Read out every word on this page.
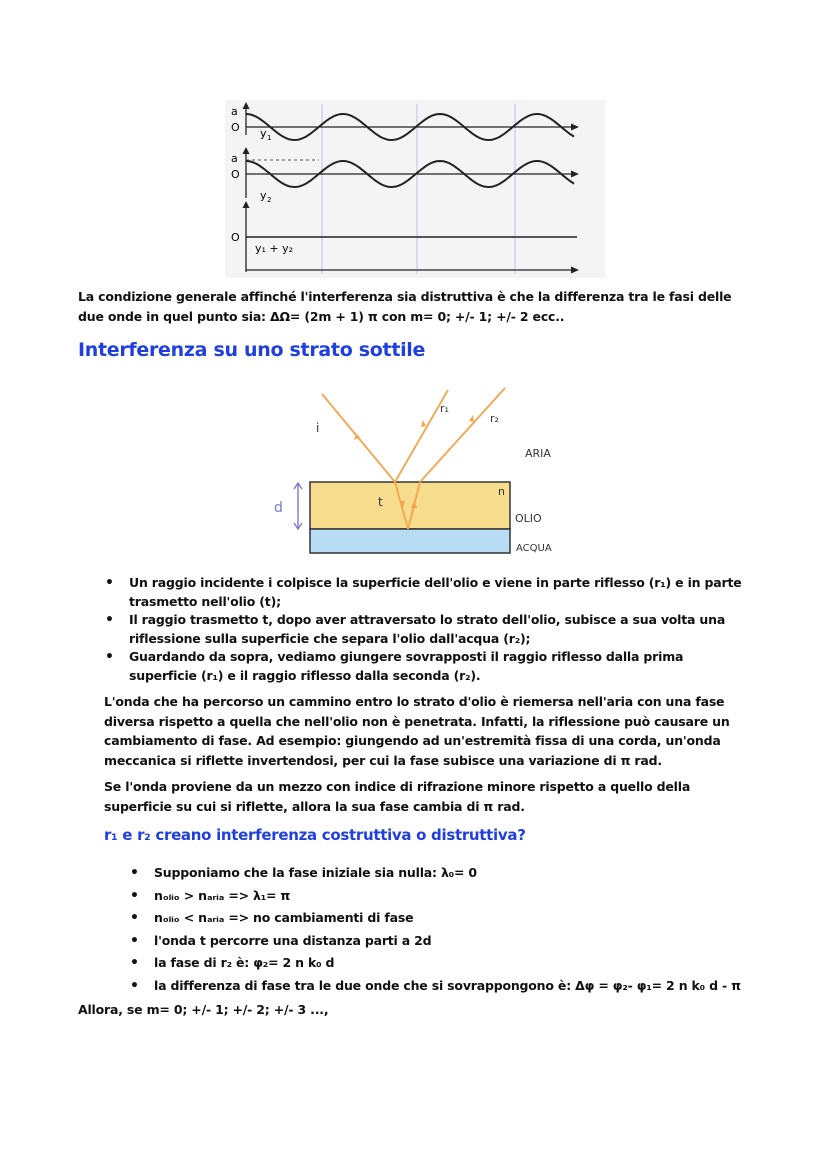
a
O y 1
a
O
y 2
O
y₁ + y₂

La condizione generale affinché l'interferenza sia distruttiva è che la differenza tra le fasi delle due onde in quel punto sia: ΔΩ= (2m + 1) π con m= 0; +/- 1; +/- 2 ecc..

Interferenza su uno strato sottile
i
r₁
r₂
ARIA
t
n
d
OLIO
ACQUA
• Un raggio incidente i colpisce la superficie dell'olio e viene in parte riflesso (r₁) e in parte trasmetto nell'olio (t);
• Il raggio trasmetto t, dopo aver attraversato lo strato dell'olio, subisce a sua volta una riflessione sulla superficie che separa l'olio dall'acqua (r₂);
• Guardando da sopra, vediamo giungere sovrapposti il raggio riflesso dalla prima superficie (r₁) e il raggio riflesso dalla seconda (r₂).

L'onda che ha percorso un cammino entro lo strato d'olio è riemersa nell'aria con una fase diversa rispetto a quella che nell'olio non è penetrata. Infatti, la riflessione può causare un cambiamento di fase. Ad esempio: giungendo ad un'estremità fissa di una corda, un'onda meccanica si riflette invertendosi, per cui la fase subisce una variazione di π rad.

Se l'onda proviene da un mezzo con indice di rifrazione minore rispetto a quello della superficie su cui si riflette, allora la sua fase cambia di π rad.

r₁ e r₂ creano interferenza costruttiva o distruttiva?
• Supponiamo che la fase iniziale sia nulla: λ₀= 0
• nₒₗᵢₒ > nₐᵣᵢₐ => λ₁= π
• nₒₗᵢₒ < nₐᵣᵢₐ => no cambiamenti di fase
• l'onda t percorre una distanza parti a 2d
• la fase di r₂ è: φ₂= 2 n k₀ d
• la differenza di fase tra le due onde che si sovrappongono è: Δφ = φ₂- φ₁= 2 n k₀ d - π

Allora, se m= 0; +/- 1; +/- 2; +/- 3 ...,
